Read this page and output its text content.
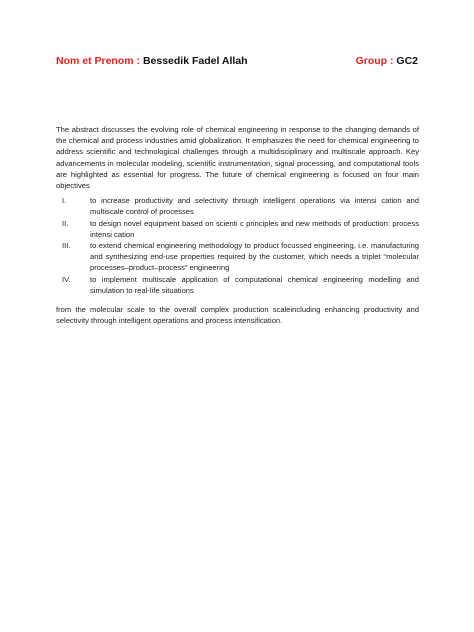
Nom et Prenom : Bessedik Fadel Allah	Group : GC2

The abstract discusses the evolving role of chemical engineering in response to the changing demands of the chemical and process industries amid globalization. It emphasizes the need for chemical engineering to address scientific and technological challenges through a multidisciplinary and multiscale approach. Key advancements in molecular modeling, scientific instrumentation, signal processing, and computational tools are highlighted as essential for progress. The future of chemical engineering is focused on four main objectives

I.	to increase productivity and selectivity through intelligent operations via intensi cation and multiscale control of processes
II.	to design novel equipment based on scienti c principles and new methods of production: process intensi cation
III.	to extend chemical engineering methodology to product focussed engineering, i.e. manufacturing and synthesizing end-use properties required by the customer, which needs a triplet “molecular processes–product–process” engineering
IV.	to implement multiscale application of computational chemical engineering modelling and simulation to real-life situations

from the molecular scale to the overall complex production scaleincluding enhancing productivity and selectivity through intelligent operations and process intensification.
